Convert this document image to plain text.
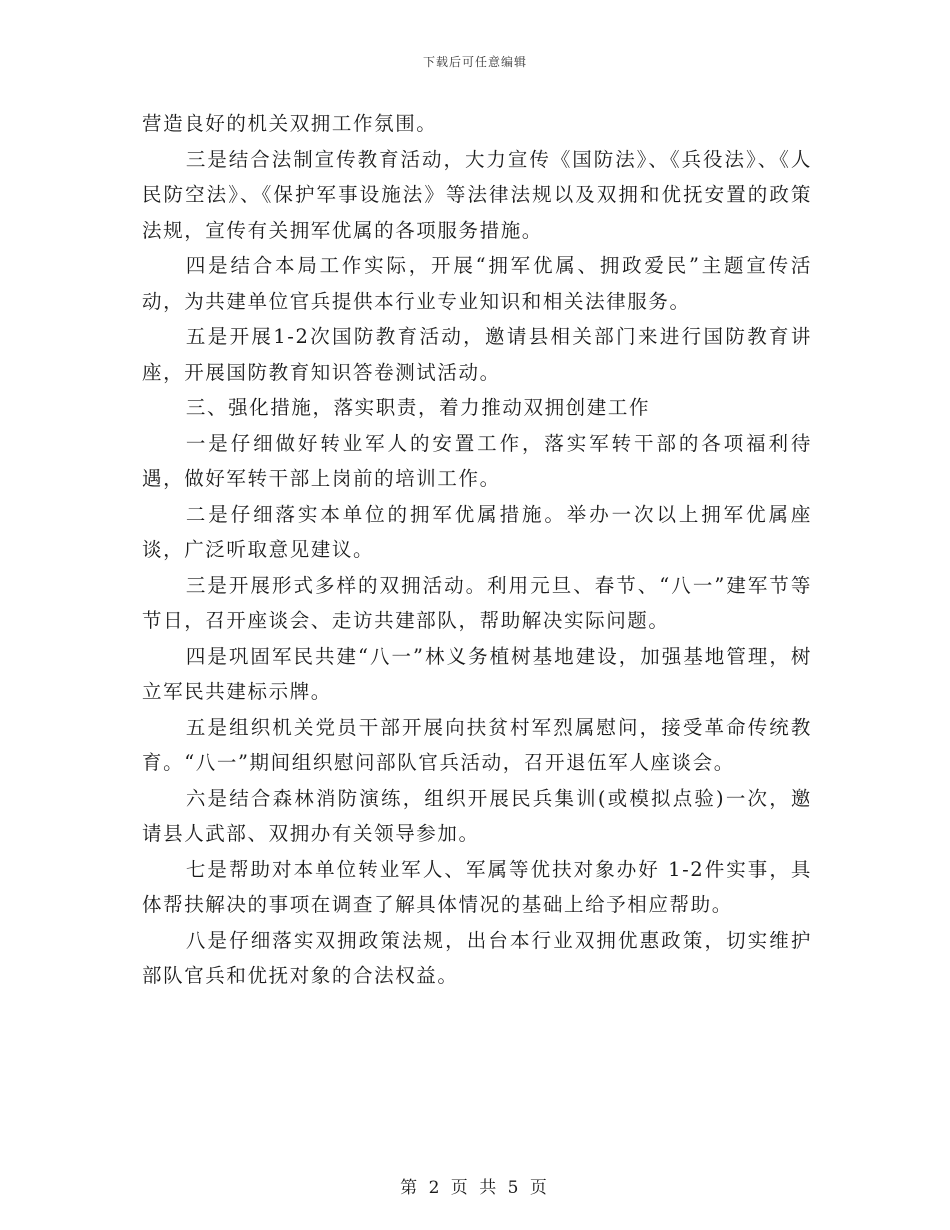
下载后可任意编辑

营造良好的机关双拥工作氛围。

三是结合法制宣传教育活动，大力宣传《国防法》、《兵役法》、《人民防空法》、《保护军事设施法》等法律法规以及双拥和优抚安置的政策法规，宣传有关拥军优属的各项服务措施。

四是结合本局工作实际，开展“拥军优属、拥政爱民”主题宣传活动，为共建单位官兵提供本行业专业知识和相关法律服务。

五是开展1-2次国防教育活动，邀请县相关部门来进行国防教育讲座，开展国防教育知识答卷测试活动。

三、强化措施，落实职责，着力推动双拥创建工作

一是仔细做好转业军人的安置工作，落实军转干部的各项福利待遇，做好军转干部上岗前的培训工作。

二是仔细落实本单位的拥军优属措施。举办一次以上拥军优属座谈，广泛听取意见建议。

三是开展形式多样的双拥活动。利用元旦、春节、“八一”建军节等节日，召开座谈会、走访共建部队，帮助解决实际问题。

四是巩固军民共建“八一”林义务植树基地建设，加强基地管理，树立军民共建标示牌。

五是组织机关党员干部开展向扶贫村军烈属慰问，接受革命传统教育。“八一”期间组织慰问部队官兵活动，召开退伍军人座谈会。

六是结合森林消防演练，组织开展民兵集训(或模拟点验)一次，邀请县人武部、双拥办有关领导参加。

七是帮助对本单位转业军人、军属等优扶对象办好 1-2件实事，具体帮扶解决的事项在调查了解具体情况的基础上给予相应帮助。

八是仔细落实双拥政策法规，出台本行业双拥优惠政策，切实维护部队官兵和优抚对象的合法权益。

第 2 页 共 5 页
